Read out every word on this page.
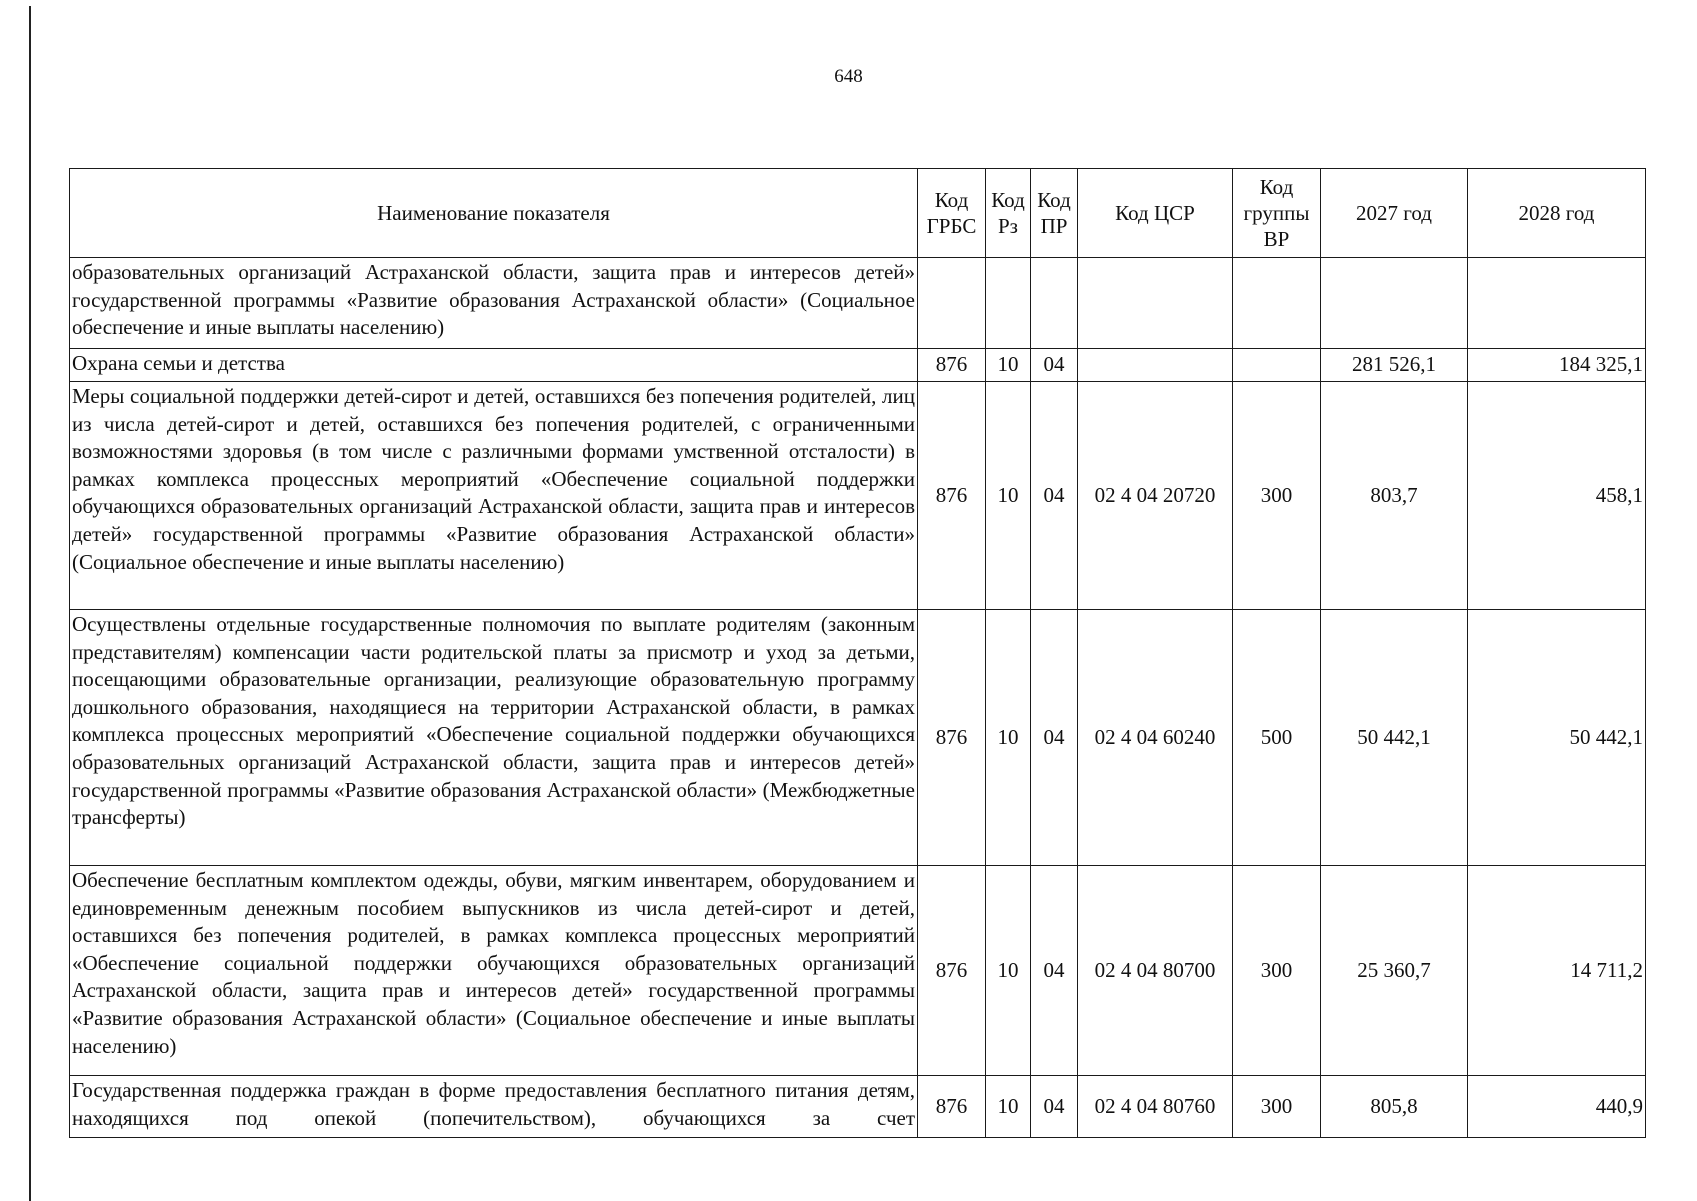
648
Наименование показателя	Код ГРБС	Код Рз	Код ПР	Код ЦСР	Код группы ВР	2027 год	2028 год
образовательных организаций Астраханской области, защита прав и интересов детей» государственной программы «Развитие образования Астраханской области» (Социальное обеспечение и иные выплаты населению)							
Охрана семьи и детства	876	10	04			281 526,1	184 325,1
Меры социальной поддержки детей-сирот и детей, оставшихся без попечения родителей, лиц из числа детей-сирот и детей, оставшихся без попечения родителей, с ограниченными возможностями здоровья (в том числе с различными формами умственной отсталости) в рамках комплекса процессных мероприятий «Обеспечение социальной поддержки обучающихся образовательных организаций Астраханской области, защита прав и интересов детей» государственной программы «Развитие образования Астраханской области» (Социальное обеспечение и иные выплаты населению)	876	10	04	02 4 04 20720	300	803,7	458,1
Осуществлены отдельные государственные полномочия по выплате родителям (законным представителям) компенсации части родительской платы за присмотр и уход за детьми, посещающими образовательные организации, реализующие образовательную программу дошкольного образования, находящиеся на территории Астраханской области, в рамках комплекса процессных мероприятий «Обеспечение социальной поддержки обучающихся образовательных организаций Астраханской области, защита прав и интересов детей» государственной программы «Развитие образования Астраханской области» (Межбюджетные трансферты)	876	10	04	02 4 04 60240	500	50 442,1	50 442,1
Обеспечение бесплатным комплектом одежды, обуви, мягким инвентарем, оборудованием и единовременным денежным пособием выпускников из числа детей-сирот и детей, оставшихся без попечения родителей, в рамках комплекса процессных мероприятий «Обеспечение социальной поддержки обучающихся образовательных организаций Астраханской области, защита прав и интересов детей» государственной программы «Развитие образования Астраханской области» (Социальное обеспечение и иные выплаты населению)	876	10	04	02 4 04 80700	300	25 360,7	14 711,2
Государственная поддержка граждан в форме предоставления бесплатного питания детям, находящихся под опекой (попечительством), обучающихся за счет	876	10	04	02 4 04 80760	300	805,8	440,9
